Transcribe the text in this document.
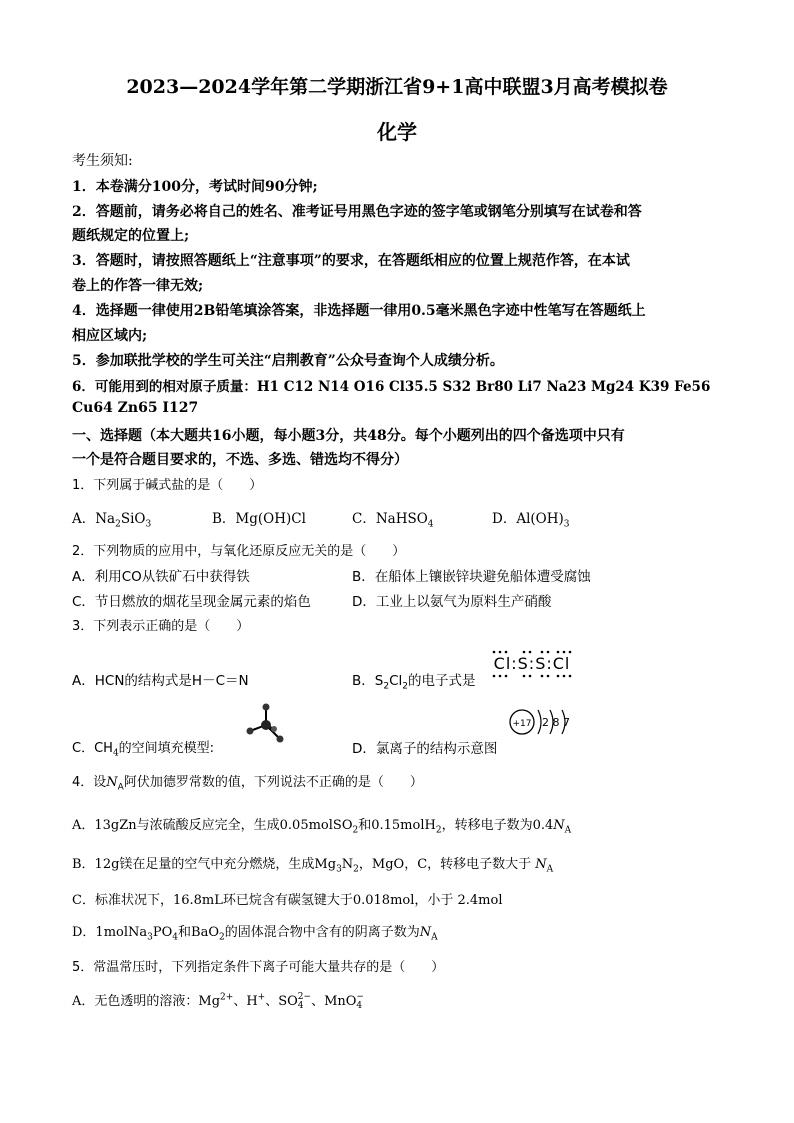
2023—2024学年第二学期浙江省9+1高中联盟3月高考模拟卷
化学
考生须知:
1．本卷满分100分，考试时间90分钟;
2．答题前，请务必将自己的姓名、准考证号用黑色字迹的签字笔或钢笔分别填写在试卷和答
题纸规定的位置上;
3．答题时，请按照答题纸上“注意事项”的要求，在答题纸相应的位置上规范作答，在本试
卷上的作答一律无效;
4．选择题一律使用2B铅笔填涂答案，非选择题一律用0.5毫米黑色字迹中性笔写在答题纸上
相应区域内;
5．参加联批学校的学生可关注“启荆教育”公众号查询个人成绩分析。
6．可能用到的相对原子质量：H1 C12 N14 O16 Cl35.5 S32 Br80 Li7 Na23 Mg24 K39 Fe56
Cu64 Zn65 I127
一、选择题（本大题共16小题，每小题3分，共48分。每个小题列出的四个备选项中只有
一个是符合题目要求的，不选、多选、错选均不得分）
1．下列属于碱式盐的是（　　）
A．$Na_2SiO_3$	B．Mg(OH)Cl	C．NaHSO$_4$	D．$Al(OH)_3$
2．下列物质的应用中，与氧化还原反应无关的是（　　）
A．利用CO从铁矿石中获得铁	B．在船体上镶嵌锌块避免船体遭受腐蚀
C．节日燃放的烟花呈现金属元素的焰色	D．工业上以氨气为原料生产硝酸
3．下列表示正确的是（　　）
A．HCN的结构式是H－C＝N	B．$S_2Cl_2$的电子式是
Cl:S:S:Cl
C．$CH_4$的空间填充模型:	D．氯离子的结构示意图
+17 2 8 7
4．设$N_A$阿伏加德罗常数的值，下列说法不正确的是（　　）
A．13gZn与浓硫酸反应完全，生成0.05molSO$_2$和0.15molH$_2$，转移电子数为$0.4N_A$
B．12g镁在足量的空气中充分燃烧，生成$Mg_3N_2$，MgO，C，转移电子数大于 $N_A$
C．标准状况下，16.8mL环已烷含有碳氢键大于0.018mol，小于 2.4mol
D．$1molNa_3PO_4$和BaO$_2$的固体混合物中含有的阴离子数为$N_A$
5．常温常压时，下列指定条件下离子可能大量共存的是（　　）
A．无色透明的溶液：$Mg^{2+}$、H+、SO 2−
4 、MnO −
4
